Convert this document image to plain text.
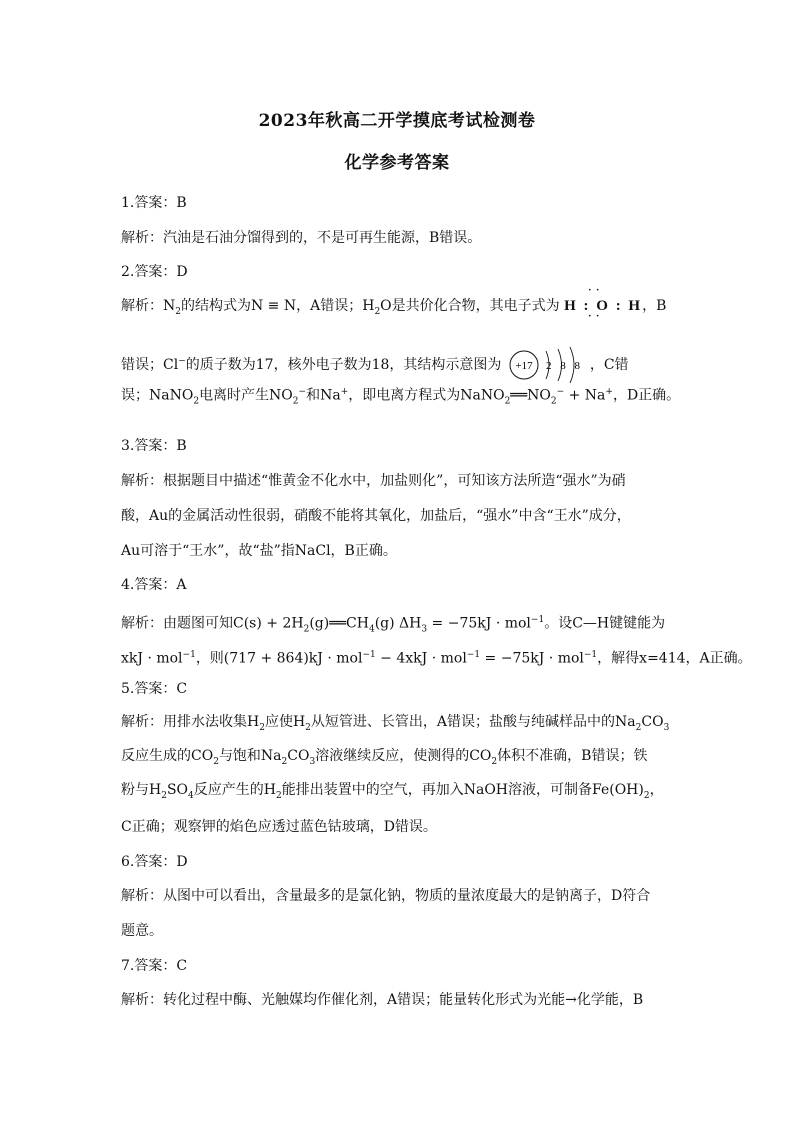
2023年秋高二开学摸底考试检测卷
化学参考答案
1.答案：B
解析：汽油是石油分馏得到的，不是可再生能源，B错误。
2.答案：D
解析：$N_2$的结构式为N ≡ N，A错误；$H_2O$是共价化合物，其电子式为
· ·
H : O : H
· ·
，B
错误；Cl−的质子数为17，核外电子数为18，其结构示意图为 +17 2 8 8 ，C错
误；NaNO$_2$电离时产生$NO_2^-$和Na+，即电离方程式为$NaNO_2══NO_2^- + Na^+$，D正确。
3.答案：B
解析：根据题目中描述“惟黄金不化水中，加盐则化”，可知该方法所造“强水”为硝
酸，Au的金属活动性很弱，硝酸不能将其氧化，加盐后，“强水”中含“王水”成分，
Au可溶于“王水”，故“盐”指NaCl，B正确。
4.答案：A
解析：由题图可知$C(s) + 2H_2(g)══CH_4(g) \Delta H_3 = -75kJ \cdot mol^{-1}$。设C—H键键能为
xkJ · mol$^{-1}$，则(717 + 864)kJ · mol$^{-1}$ − 4xkJ · mol$^{-1}$ = −75kJ · mol$^{-1}$，解得x=414，A正确。
5.答案：C
解析：用排水法收集$H_2$应使$H_2$从短管进、长管出，A错误；盐酸与纯碱样品中的$Na_2CO_3$
反应生成的$CO_2$与饱和$Na_2CO_3$溶液继续反应，使测得的$CO_2$体积不准确，B错误；铁
粉与$H_2SO_4$反应产生的$H_2$能排出装置中的空气，再加入NaOH溶液，可制备$Fe(OH)_2$，
C正确；观察钾的焰色应透过蓝色钴玻璃，D错误。
6.答案：D
解析：从图中可以看出，含量最多的是氯化钠，物质的量浓度最大的是钠离子，D符合
题意。
7.答案：C
解析：转化过程中酶、光触媒均作催化剂，A错误；能量转化形式为光能→化学能，B
